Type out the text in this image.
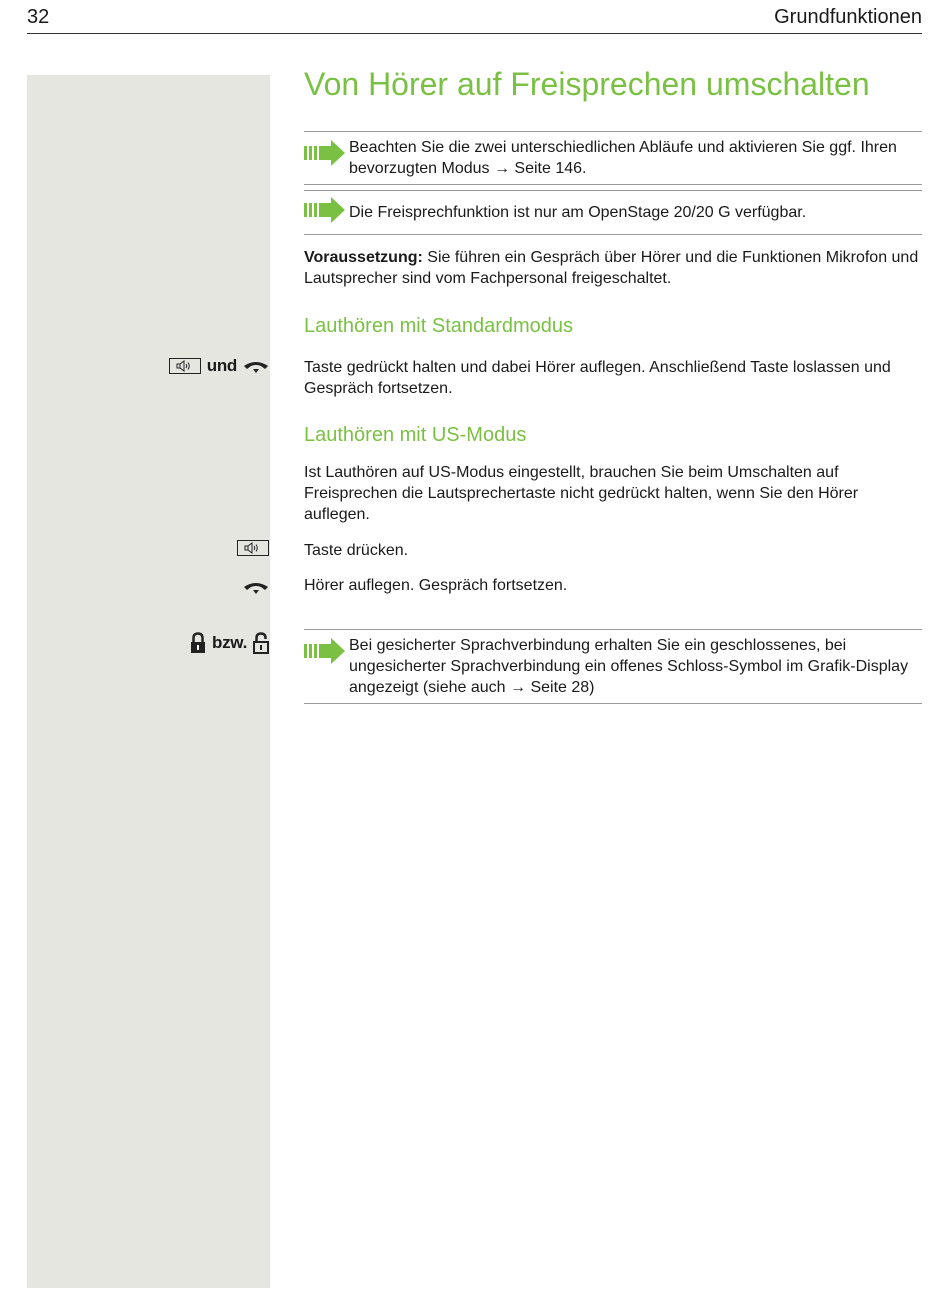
32	Grundfunktionen
Von Hörer auf Freisprechen umschalten
Beachten Sie die zwei unterschiedlichen Abläufe und aktivieren Sie ggf. Ihren bevorzugten Modus → Seite 146.
Die Freisprechfunktion ist nur am OpenStage 20/20 G verfügbar.
Voraussetzung: Sie führen ein Gespräch über Hörer und die Funktionen Mikrofon und Lautsprecher sind vom Fachpersonal freigeschaltet.
Lauthören mit Standardmodus
und	Taste gedrückt halten und dabei Hörer auflegen. Anschließend Taste loslassen und Gespräch fortsetzen.
Lauthören mit US-Modus
Ist Lauthören auf US-Modus eingestellt, brauchen Sie beim Umschalten auf Freisprechen die Lautsprechertaste nicht gedrückt halten, wenn Sie den Hörer auflegen.
Taste drücken.
Hörer auflegen. Gespräch fortsetzen.
bzw.	Bei gesicherter Sprachverbindung erhalten Sie ein geschlossenes, bei ungesicherter Sprachverbindung ein offenes Schloss-Symbol im Grafik-Display angezeigt (siehe auch → Seite 28)
